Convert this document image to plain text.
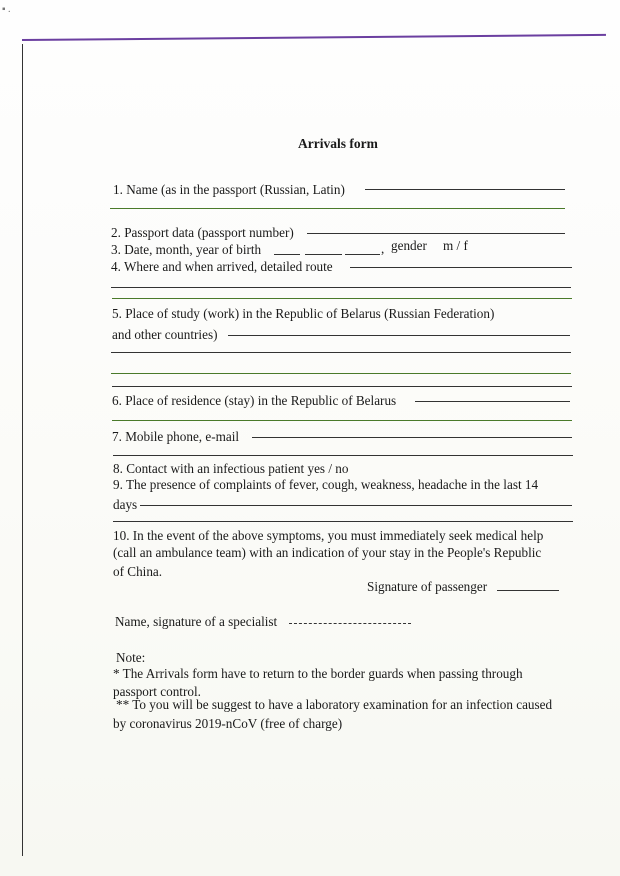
▪ .
Arrivals form
1. Name (as in the passport (Russian, Latin)
2. Passport data (passport number)
3. Date, month, year of birth	, gender m / f
4. Where and when arrived, detailed route
5. Place of study (work) in the Republic of Belarus (Russian Federation)
and other countries)
6. Place of residence (stay) in the Republic of Belarus
7. Mobile phone, e-mail
8. Contact with an infectious patient yes / no
9. The presence of complaints of fever, cough, weakness, headache in the last 14
days
10. In the event of the above symptoms, you must immediately seek medical help
(call an ambulance team) with an indication of your stay in the People's Republic
of China.
Signature of passenger
Name, signature of a specialist
Note:
* The Arrivals form have to return to the border guards when passing through
passport control.
** To you will be suggest to have a laboratory examination for an infection caused
by coronavirus 2019-nCoV (free of charge)
